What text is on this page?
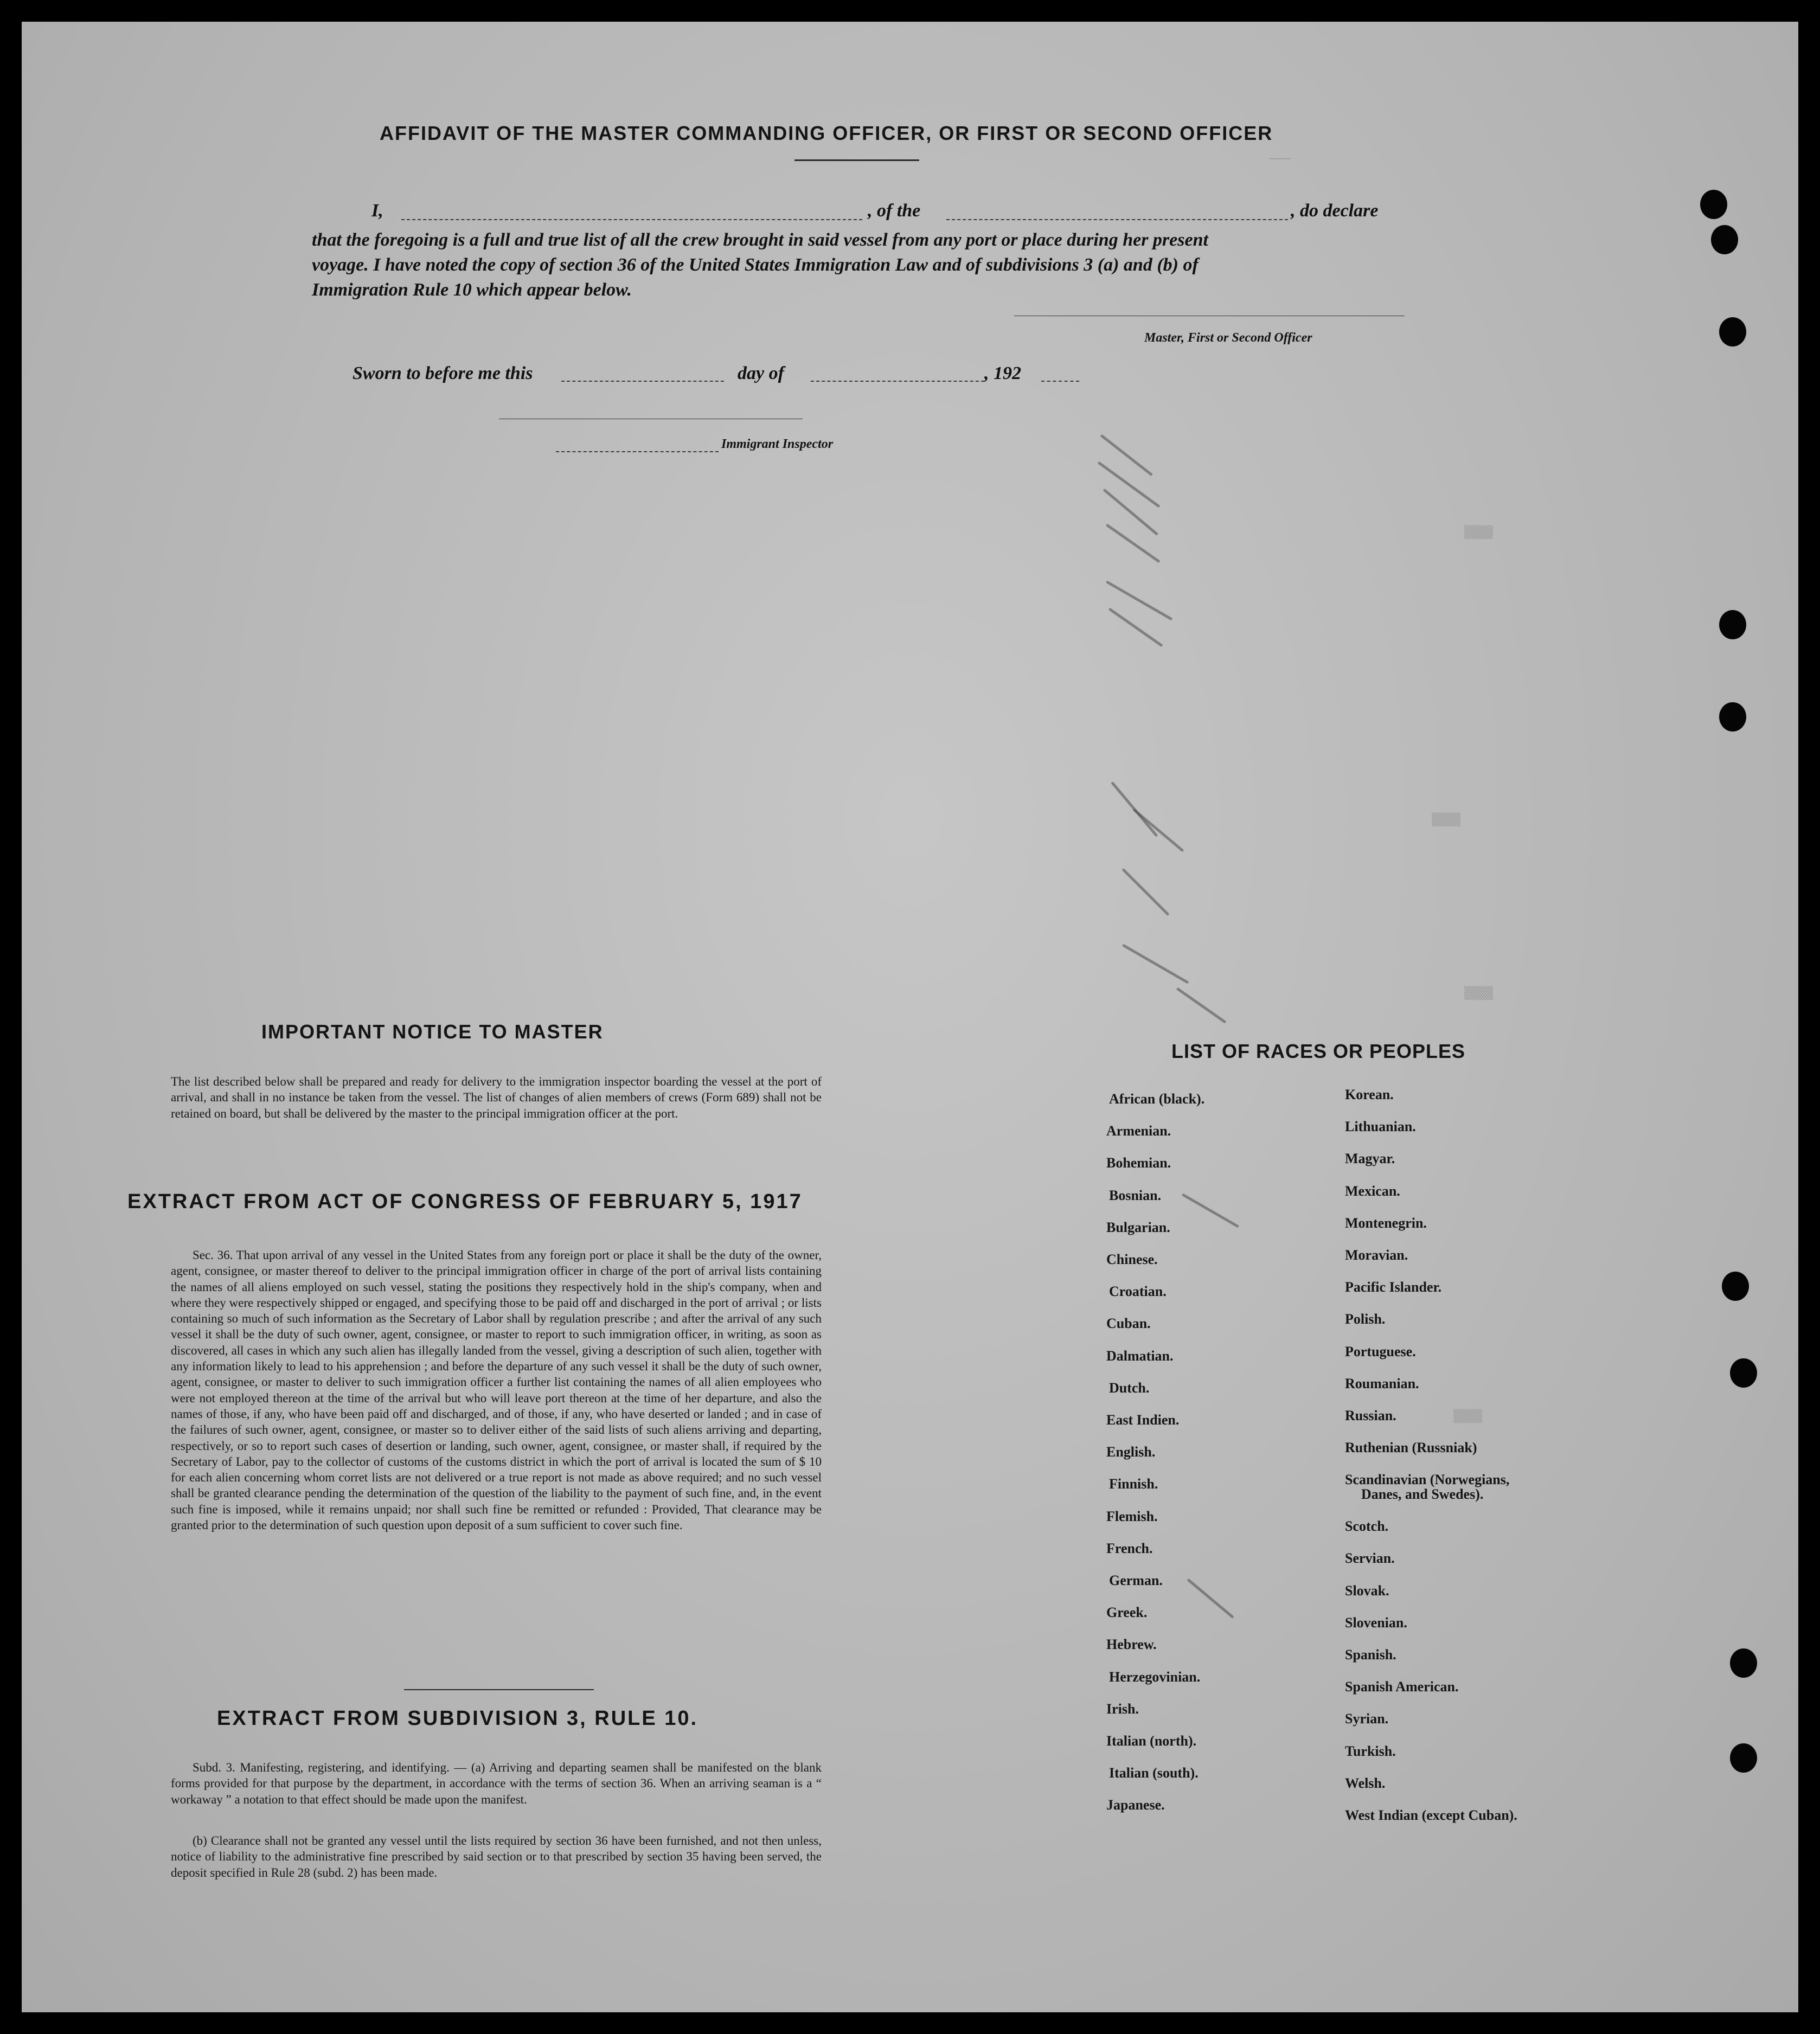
———
AFFIDAVIT OF THE MASTER COMMANDING OFFICER, OR FIRST OR SECOND OFFICER
I,	, of the	, do declare
that the foregoing is a full and true list of all the crew brought in said vessel from any port or place during her present
voyage. I have noted the copy of section 36 of the United States Immigration Law and of subdivisions 3 (a) and (b) of
Immigration Rule 10 which appear below.
Master, First or Second Officer
Sworn to before me this	day of	, 192
Immigrant Inspector
▒▒▒▒
▒▒▒▒
▒▒▒▒
▒▒▒▒
IMPORTANT NOTICE TO MASTER
The list described below shall be prepared and ready for delivery to the immigration inspector boarding the vessel at the port of arrival, and shall in no instance be taken from the vessel. The list of changes of alien members of crews (Form 689) shall not be retained on board, but shall be delivered by the master to the principal immigration officer at the port.
EXTRACT FROM ACT OF CONGRESS OF FEBRUARY 5, 1917
Sec. 36. That upon arrival of any vessel in the United States from any foreign port or place it shall be the duty of the owner, agent, consignee, or master thereof to deliver to the principal immigration officer in charge of the port of arrival lists containing the names of all aliens employed on such vessel, stating the positions they respectively hold in the ship's company, when and where they were respectively shipped or engaged, and specifying those to be paid off and discharged in the port of arrival ; or lists containing so much of such information as the Secretary of Labor shall by regulation prescribe ; and after the arrival of any such vessel it shall be the duty of such owner, agent, consignee, or master to report to such immigration officer, in writing, as soon as discovered, all cases in which any such alien has illegally landed from the vessel, giving a description of such alien, together with any information likely to lead to his apprehension ; and before the departure of any such vessel it shall be the duty of such owner, agent, consignee, or master to deliver to such immigration officer a further list containing the names of all alien employees who were not employed thereon at the time of the arrival but who will leave port thereon at the time of her departure, and also the names of those, if any, who have been paid off and discharged, and of those, if any, who have deserted or landed ; and in case of the failures of such owner, agent, consignee, or master so to deliver either of the said lists of such aliens arriving and departing, respectively, or so to report such cases of desertion or landing, such owner, agent, consignee, or master shall, if required by the Secretary of Labor, pay to the collector of customs of the customs district in which the port of arrival is located the sum of $ 10 for each alien concerning whom corret lists are not delivered or a true report is not made as above required; and no such vessel shall be granted clearance pending the determination of the question of the liability to the payment of such fine, and, in the event such fine is imposed, while it remains unpaid; nor shall such fine be remitted or refunded : Provided, That clearance may be granted prior to the determination of such question upon deposit of a sum sufficient to cover such fine.
EXTRACT FROM SUBDIVISION 3, RULE 10.
Subd. 3. Manifesting, registering, and identifying. — (a) Arriving and departing seamen shall be manifested on the blank forms provided for that purpose by the department, in accordance with the terms of section 36. When an arriving seaman is a “ workaway ” a notation to that effect should be made upon the manifest.
(b) Clearance shall not be granted any vessel until the lists required by section 36 have been furnished, and not then unless, notice of liability to the administrative fine prescribed by said section or to that prescribed by section 35 having been served, the deposit specified in Rule 28 (subd. 2) has been made.
LIST OF RACES OR PEOPLES
African (black).
Armenian.
Bohemian.
Bosnian.
Bulgarian.
Chinese.
Croatian.
Cuban.
Dalmatian.
Dutch.
East Indien.
English.
Finnish.
Flemish.
French.
German.
Greek.
Hebrew.
Herzegovinian.
Irish.
Italian (north).
Italian (south).
Japanese.
Korean.
Lithuanian.
Magyar.
Mexican.
Montenegrin.
Moravian.
Pacific Islander.
Polish.
Portuguese.
Roumanian.
Russian.
Ruthenian (Russniak)
Scandinavian (Norwegians,
Danes, and Swedes).
Scotch.
Servian.
Slovak.
Slovenian.
Spanish.
Spanish American.
Syrian.
Turkish.
Welsh.
West Indian (except Cuban).
